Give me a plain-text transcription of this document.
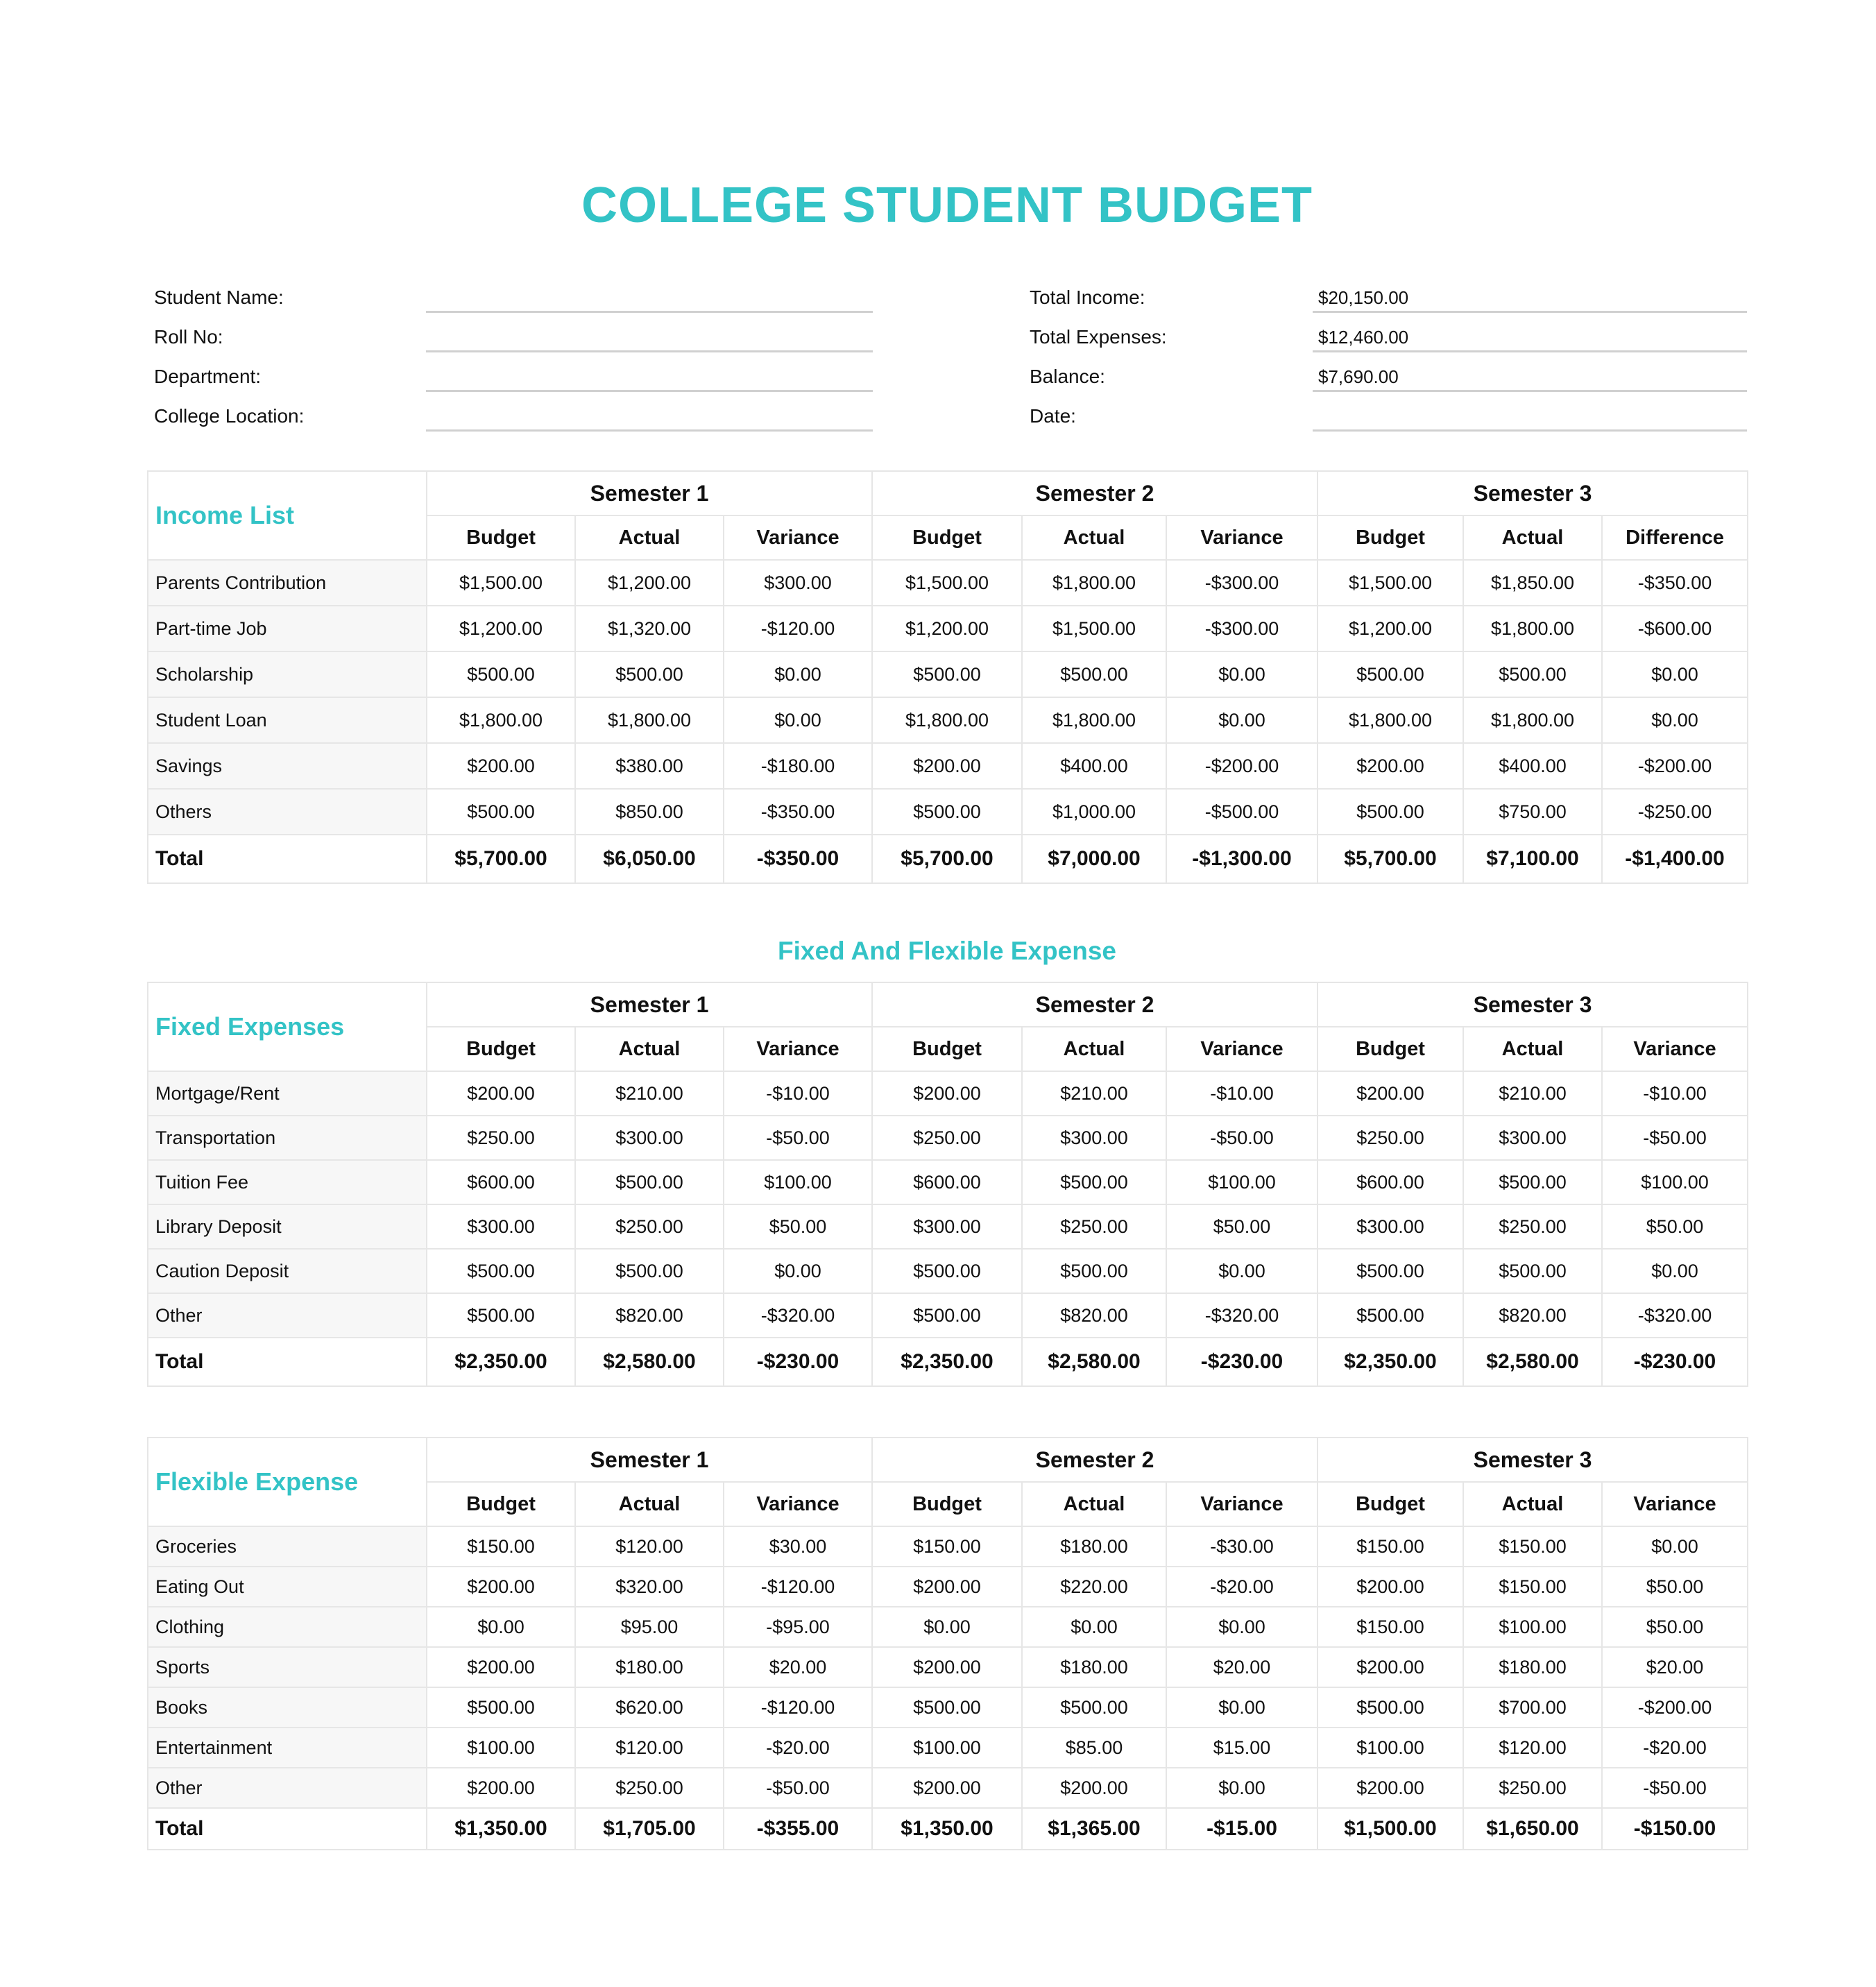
COLLEGE STUDENT BUDGET
Student Name:
Roll No:
Department:
College Location:
Total Income:	$20,150.00
Total Expenses:	$12,460.00
Balance:	$7,690.00
Date:
Income List	Semester 1			Semester 2			Semester 3		
	Budget	Actual	Variance	Budget	Actual	Variance	Budget	Actual	Difference
Parents Contribution	$1,500.00	$1,200.00	$300.00	$1,500.00	$1,800.00	-$300.00	$1,500.00	$1,850.00	-$350.00
Part-time Job	$1,200.00	$1,320.00	-$120.00	$1,200.00	$1,500.00	-$300.00	$1,200.00	$1,800.00	-$600.00
Scholarship	$500.00	$500.00	$0.00	$500.00	$500.00	$0.00	$500.00	$500.00	$0.00
Student Loan	$1,800.00	$1,800.00	$0.00	$1,800.00	$1,800.00	$0.00	$1,800.00	$1,800.00	$0.00
Savings	$200.00	$380.00	-$180.00	$200.00	$400.00	-$200.00	$200.00	$400.00	-$200.00
Others	$500.00	$850.00	-$350.00	$500.00	$1,000.00	-$500.00	$500.00	$750.00	-$250.00
Total	$5,700.00	$6,050.00	-$350.00	$5,700.00	$7,000.00	-$1,300.00	$5,700.00	$7,100.00	-$1,400.00
Fixed And Flexible Expense
Fixed Expenses	Semester 1			Semester 2			Semester 3		
	Budget	Actual	Variance	Budget	Actual	Variance	Budget	Actual	Variance
Mortgage/Rent	$200.00	$210.00	-$10.00	$200.00	$210.00	-$10.00	$200.00	$210.00	-$10.00
Transportation	$250.00	$300.00	-$50.00	$250.00	$300.00	-$50.00	$250.00	$300.00	-$50.00
Tuition Fee	$600.00	$500.00	$100.00	$600.00	$500.00	$100.00	$600.00	$500.00	$100.00
Library Deposit	$300.00	$250.00	$50.00	$300.00	$250.00	$50.00	$300.00	$250.00	$50.00
Caution Deposit	$500.00	$500.00	$0.00	$500.00	$500.00	$0.00	$500.00	$500.00	$0.00
Other	$500.00	$820.00	-$320.00	$500.00	$820.00	-$320.00	$500.00	$820.00	-$320.00
Total	$2,350.00	$2,580.00	-$230.00	$2,350.00	$2,580.00	-$230.00	$2,350.00	$2,580.00	-$230.00
Flexible Expense	Semester 1			Semester 2			Semester 3		
	Budget	Actual	Variance	Budget	Actual	Variance	Budget	Actual	Variance
Groceries	$150.00	$120.00	$30.00	$150.00	$180.00	-$30.00	$150.00	$150.00	$0.00
Eating Out	$200.00	$320.00	-$120.00	$200.00	$220.00	-$20.00	$200.00	$150.00	$50.00
Clothing	$0.00	$95.00	-$95.00	$0.00	$0.00	$0.00	$150.00	$100.00	$50.00
Sports	$200.00	$180.00	$20.00	$200.00	$180.00	$20.00	$200.00	$180.00	$20.00
Books	$500.00	$620.00	-$120.00	$500.00	$500.00	$0.00	$500.00	$700.00	-$200.00
Entertainment	$100.00	$120.00	-$20.00	$100.00	$85.00	$15.00	$100.00	$120.00	-$20.00
Other	$200.00	$250.00	-$50.00	$200.00	$200.00	$0.00	$200.00	$250.00	-$50.00
Total	$1,350.00	$1,705.00	-$355.00	$1,350.00	$1,365.00	-$15.00	$1,500.00	$1,650.00	-$150.00
